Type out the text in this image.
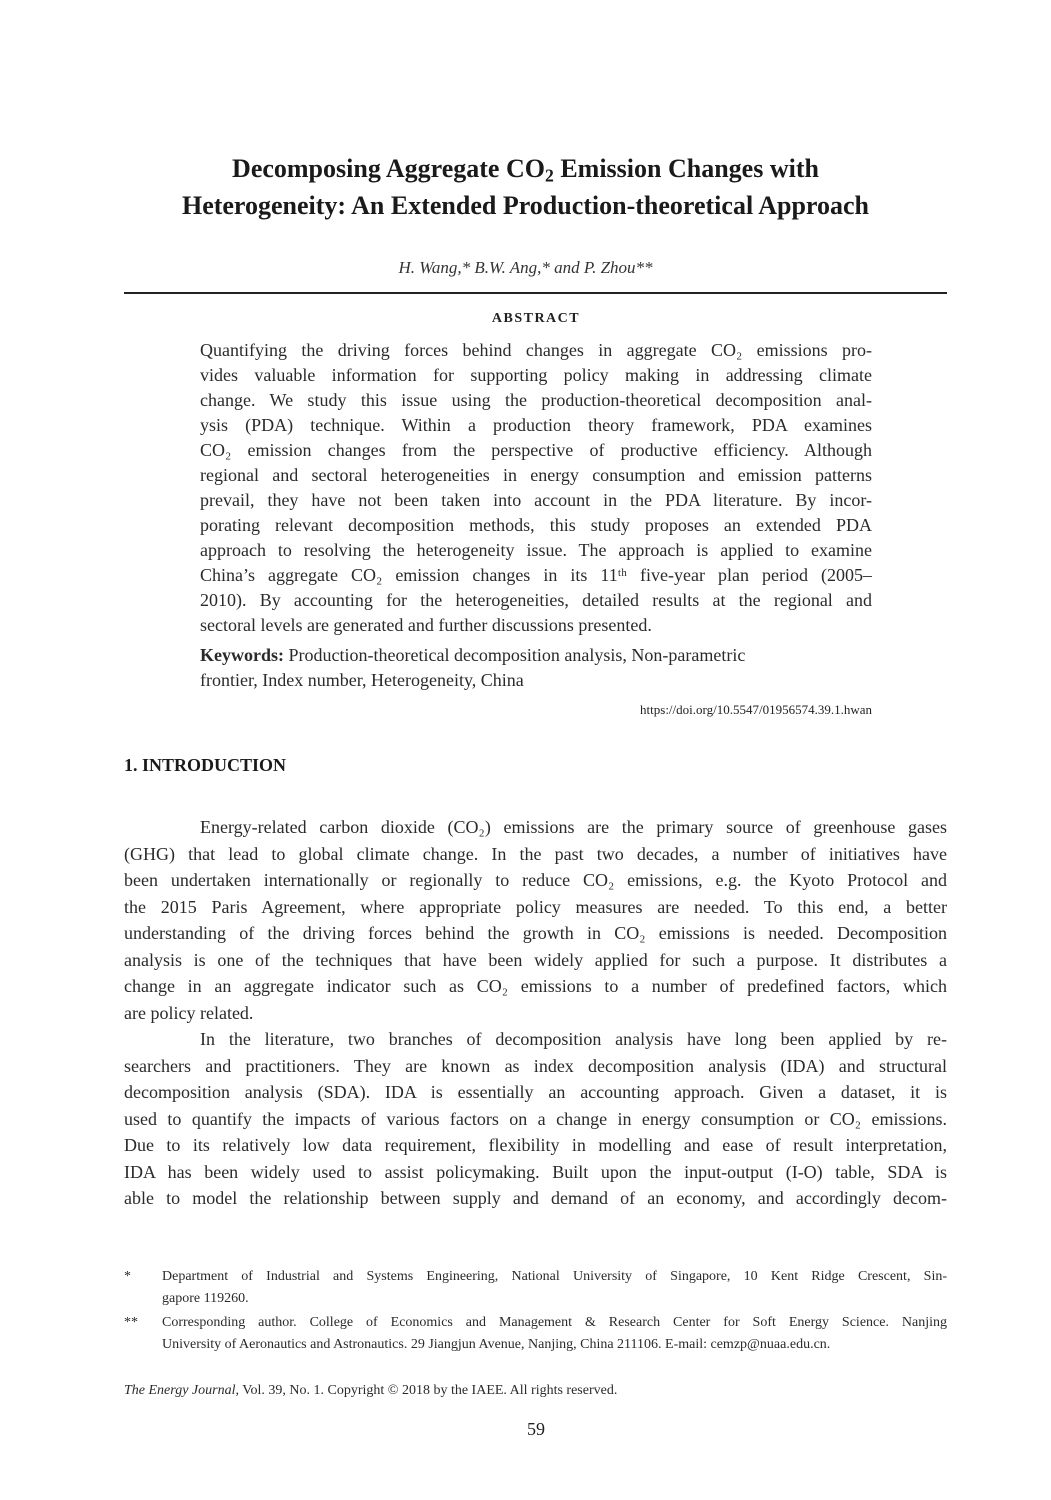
Decomposing Aggregate $CO_2$ Emission Changes with
Heterogeneity: An Extended Production-theoretical Approach
H. Wang,* B.W. Ang,* and P. Zhou**
ABSTRACT
Quantifying the driving forces behind changes in aggregate CO₂ emissions pro-
vides valuable information for supporting policy making in addressing climate
change. We study this issue using the production-theoretical decomposition anal-
ysis (PDA) technique. Within a production theory framework, PDA examines
CO₂ emission changes from the perspective of productive efficiency. Although
regional and sectoral heterogeneities in energy consumption and emission patterns
prevail, they have not been taken into account in the PDA literature. By incor-
porating relevant decomposition methods, this study proposes an extended PDA
approach to resolving the heterogeneity issue. The approach is applied to examine
China’s aggregate CO₂ emission changes in its 11ᵗʰ five-year plan period (2005–
2010). By accounting for the heterogeneities, detailed results at the regional and
sectoral levels are generated and further discussions presented.
Keywords: Production-theoretical decomposition analysis, Non-parametric
frontier, Index number, Heterogeneity, China
https://doi.org/10.5547/01956574.39.1.hwan
1. INTRODUCTION
Energy-related carbon dioxide (CO₂) emissions are the primary source of greenhouse gases
(GHG) that lead to global climate change. In the past two decades, a number of initiatives have
been undertaken internationally or regionally to reduce CO₂ emissions, e.g. the Kyoto Protocol and
the 2015 Paris Agreement, where appropriate policy measures are needed. To this end, a better
understanding of the driving forces behind the growth in CO₂ emissions is needed. Decomposition
analysis is one of the techniques that have been widely applied for such a purpose. It distributes a
change in an aggregate indicator such as CO₂ emissions to a number of predefined factors, which
are policy related.
In the literature, two branches of decomposition analysis have long been applied by re-
searchers and practitioners. They are known as index decomposition analysis (IDA) and structural
decomposition analysis (SDA). IDA is essentially an accounting approach. Given a dataset, it is
used to quantify the impacts of various factors on a change in energy consumption or CO₂ emissions.
Due to its relatively low data requirement, flexibility in modelling and ease of result interpretation,
IDA has been widely used to assist policymaking. Built upon the input-output (I-O) table, SDA is
able to model the relationship between supply and demand of an economy, and accordingly decom-
* Department of Industrial and Systems Engineering, National University of Singapore, 10 Kent Ridge Crescent, Sin-
gapore 119260.
** Corresponding author. College of Economics and Management & Research Center for Soft Energy Science. Nanjing
University of Aeronautics and Astronautics. 29 Jiangjun Avenue, Nanjing, China 211106. E-mail: cemzp@nuaa.edu.cn.
The Energy Journal, Vol. 39, No. 1. Copyright © 2018 by the IAEE. All rights reserved.
59
